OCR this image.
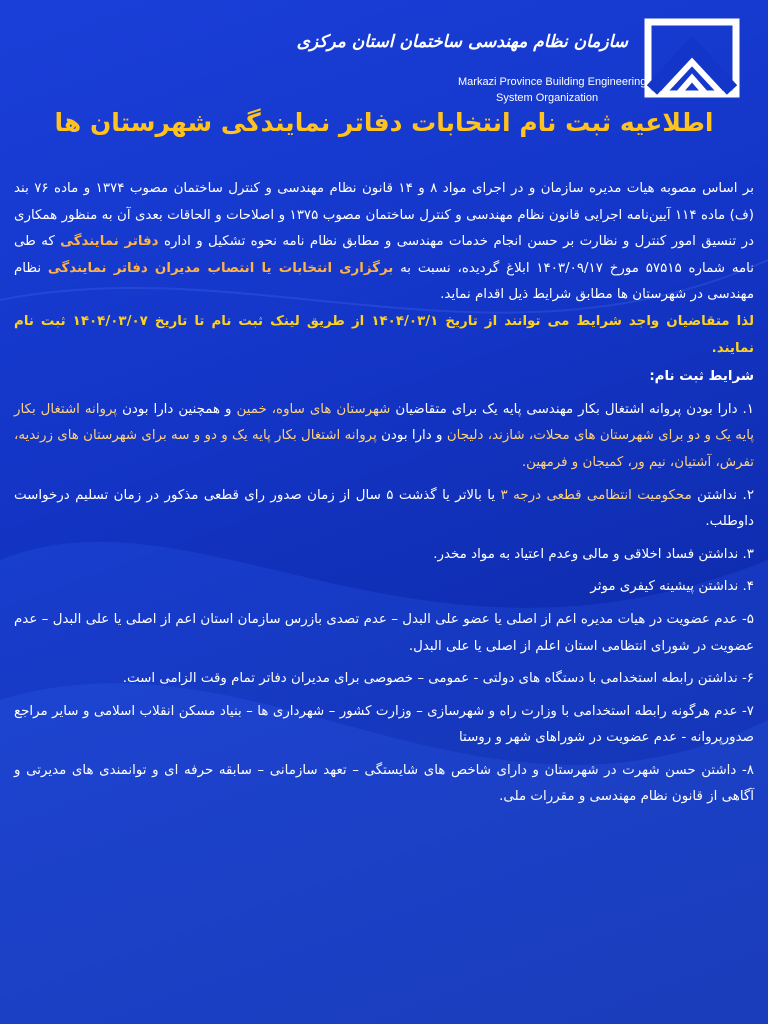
سازمان نظام مهندسی ساختمان استان مرکزی
Markazi Province Building Engineering
System Organization
اطلاعیه ثبت نام انتخابات دفاتر نمایندگی شهرستان ها

بر اساس مصوبه هیات مدیره سازمان و در اجرای مواد ۸ و ۱۴ قانون نظام مهندسی و کنترل ساختمان مصوب ۱۳۷۴ و ماده ۷۶ بند (ف) ماده ۱۱۴ آیین‌نامه اجرایی قانون نظام مهندسی و کنترل ساختمان مصوب ۱۳۷۵ و اصلاحات و الحاقات بعدی آن به منظور همکاری در تنسیق امور کنترل و نظارت بر حسن انجام خدمات مهندسی و مطابق نظام نامه نحوه تشکیل و اداره دفاتر نمایندگی که طی نامه شماره ۵۷۵۱۵ مورخ ۱۴۰۳/۰۹/۱۷ ابلاغ گردیده، نسبت به برگزاری انتخابات یا انتصاب مدیران دفاتر نمایندگی نظام مهندسی در شهرستان ها مطابق شرایط ذیل اقدام نماید.

لذا متقاضیان واجد شرایط می توانند از تاریخ ۱۴۰۴/۰۳/۱ از طریق لینک ثبت نام تا تاریخ ۱۴۰۴/۰۳/۰۷ ثبت نام نمایند.

شرایط ثبت نام:

۱. دارا بودن پروانه اشتغال بکار مهندسی پایه یک برای متقاضیان شهرستان های ساوه، خمین و همچنین دارا بودن پروانه اشتغال بکار پایه یک و دو برای شهرستان های محلات، شازند، دلیجان و دارا بودن پروانه اشتغال بکار پایه یک و دو و سه برای شهرستان های زرندیه، تفرش، آشتیان، نیم ور، کمیجان و فرمهین.

۲. نداشتن محکومیت انتظامی قطعی درجه ۳ یا بالاتر یا گذشت ۵ سال از زمان صدور رای قطعی مذکور در زمان تسلیم درخواست داوطلب.

۳. نداشتن فساد اخلاقی و مالی وعدم اعتیاد به مواد مخدر.

۴. نداشتن پیشینه کیفری موثر

۵- عدم عضویت در هیات مدیره اعم از اصلی یا عضو علی البدل – عدم تصدی بازرس سازمان استان اعم از اصلی یا علی البدل – عدم عضویت در شورای انتظامی استان اعلم از اصلی یا علی البدل.

۶- نداشتن رابطه استخدامی با دستگاه های دولتی - عمومی – خصوصی برای مدیران دفاتر تمام وقت الزامی است.

۷- عدم هرگونه رابطه استخدامی با وزارت راه و شهرسازی – وزارت کشور – شهرداری ها – بنیاد مسکن انقلاب اسلامی و سایر مراجع صدورپروانه - عدم عضویت در شوراهای شهر و روستا

۸- داشتن حسن شهرت در شهرستان و دارای شاخص های شایستگی – تعهد سازمانی – سابقه حرفه ای و توانمندی های مدیرتی و آگاهی از قانون نظام مهندسی و مقررات ملی.
